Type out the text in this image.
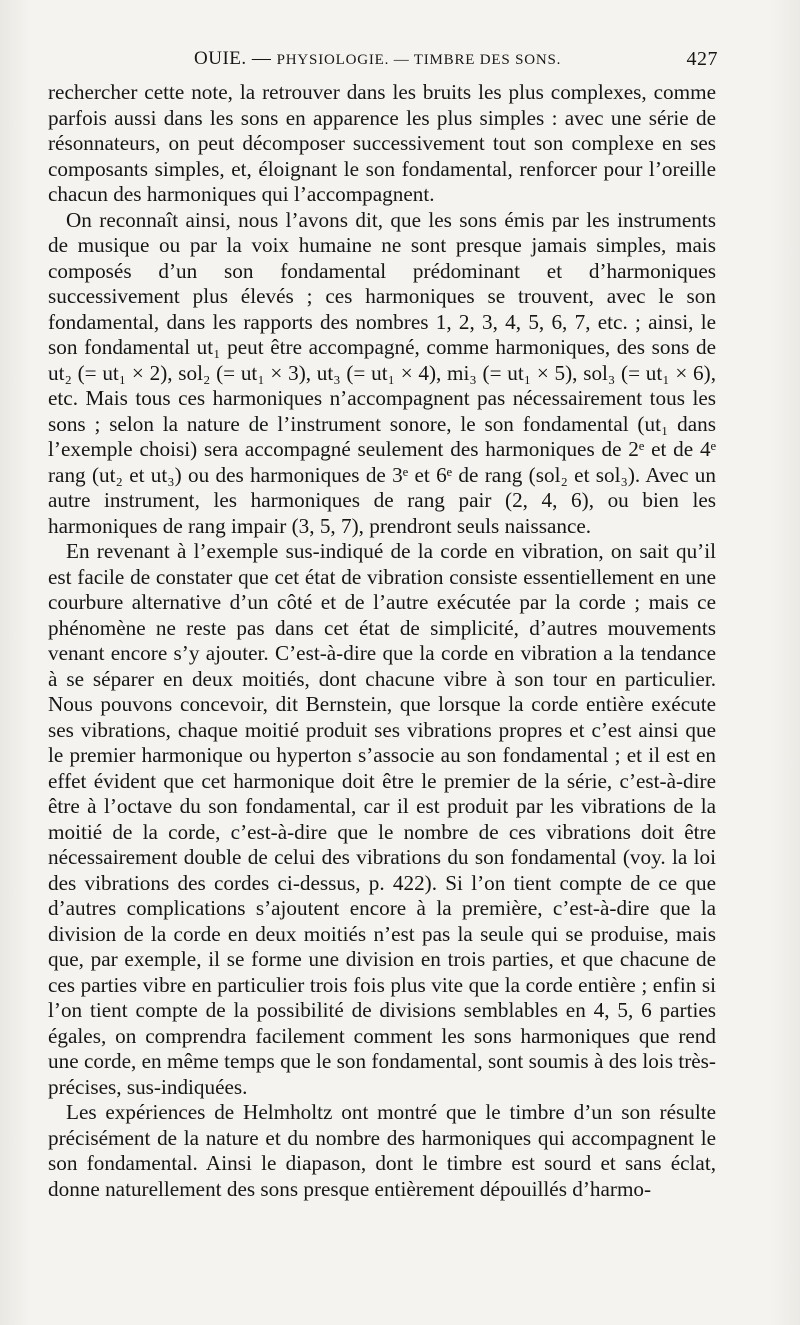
OUIE. — PHYSIOLOGIE. — TIMBRE DES SONS.	427

rechercher cette note, la retrouver dans les bruits les plus complexes, comme parfois aussi dans les sons en apparence les plus simples : avec une série de résonnateurs, on peut décomposer successivement tout son complexe en ses composants simples, et, éloignant le son fondamental, renforcer pour l’oreille chacun des harmoniques qui l’accompagnent.

On reconnaît ainsi, nous l’avons dit, que les sons émis par les instruments de musique ou par la voix humaine ne sont presque jamais simples, mais composés d’un son fondamental prédominant et d’harmoniques successivement plus élevés ; ces harmoniques se trouvent, avec le son fondamental, dans les rapports des nombres 1, 2, 3, 4, 5, 6, 7, etc. ; ainsi, le son fondamental ut₁ peut être accompagné, comme harmoniques, des sons de ut₂ (= ut₁ × 2), sol₂ (= ut₁ × 3), ut₃ (= ut₁ × 4), mi₃ (= ut₁ × 5), sol₃ (= ut₁ × 6), etc. Mais tous ces harmoniques n’accompagnent pas nécessairement tous les sons ; selon la nature de l’instrument sonore, le son fondamental (ut₁ dans l’exemple choisi) sera accompagné seulement des harmoniques de 2ᵉ et de 4ᵉ rang (ut₂ et ut₃) ou des harmoniques de 3ᵉ et 6ᵉ de rang (sol₂ et sol₃). Avec un autre instrument, les harmoniques de rang pair (2, 4, 6), ou bien les harmoniques de rang impair (3, 5, 7), prendront seuls naissance.

En revenant à l’exemple sus-indiqué de la corde en vibration, on sait qu’il est facile de constater que cet état de vibration consiste essentiellement en une courbure alternative d’un côté et de l’autre exécutée par la corde ; mais ce phénomène ne reste pas dans cet état de simplicité, d’autres mouvements venant encore s’y ajouter. C’est-à-dire que la corde en vibration a la tendance à se séparer en deux moitiés, dont chacune vibre à son tour en particulier. Nous pouvons concevoir, dit Bernstein, que lorsque la corde entière exécute ses vibrations, chaque moitié produit ses vibrations propres et c’est ainsi que le premier harmonique ou hyperton s’associe au son fondamental ; et il est en effet évident que cet harmonique doit être le premier de la série, c’est-à-dire être à l’octave du son fondamental, car il est produit par les vibrations de la moitié de la corde, c’est-à-dire que le nombre de ces vibrations doit être nécessairement double de celui des vibrations du son fondamental (voy. la loi des vibrations des cordes ci-dessus, p. 422). Si l’on tient compte de ce que d’autres complications s’ajoutent encore à la première, c’est-à-dire que la division de la corde en deux moitiés n’est pas la seule qui se produise, mais que, par exemple, il se forme une division en trois parties, et que chacune de ces parties vibre en particulier trois fois plus vite que la corde entière ; enfin si l’on tient compte de la possibilité de divisions semblables en 4, 5, 6 parties égales, on comprendra facilement comment les sons harmoniques que rend une corde, en même temps que le son fondamental, sont soumis à des lois très-précises, sus-indiquées.

Les expériences de Helmholtz ont montré que le timbre d’un son résulte précisément de la nature et du nombre des harmoniques qui accompagnent le son fondamental. Ainsi le diapason, dont le timbre est sourd et sans éclat, donne naturellement des sons presque entièrement dépouillés d’harmo-
